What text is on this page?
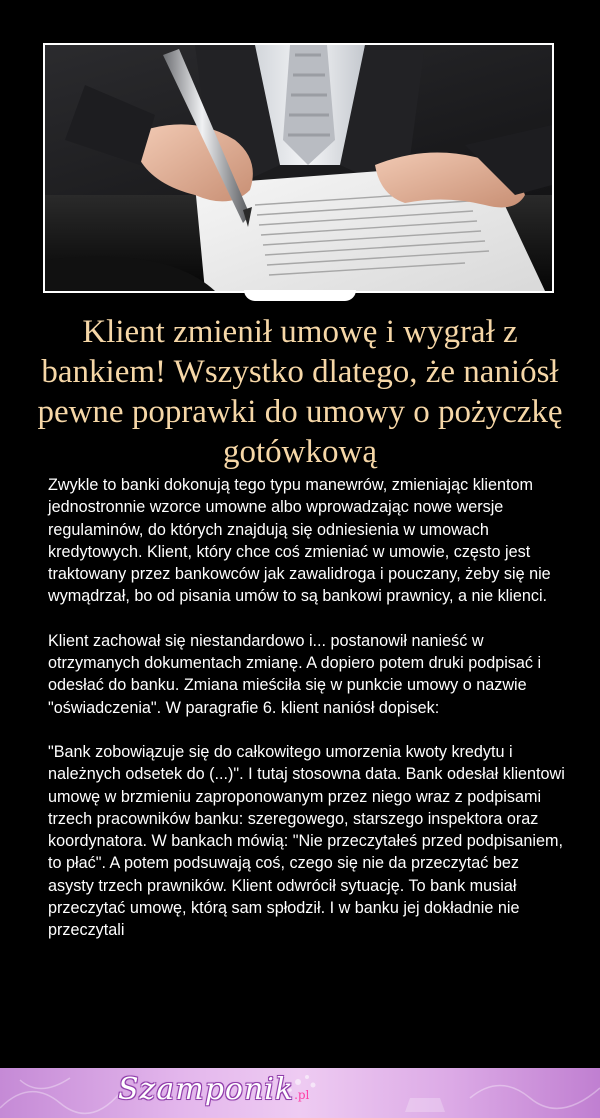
Klient zmienił umowę i wygrał z bankiem! Wszystko dlatego, że naniósł pewne poprawki do umowy o pożyczkę gotówkową

Zwykle to banki dokonują tego typu manewrów, zmieniając klientom jednostronnie wzorce umowne albo wprowadzając nowe wersje regulaminów, do których znajdują się odniesienia w umowach kredytowych. Klient, który chce coś zmieniać w umowie, często jest traktowany przez bankowców jak zawalidroga i pouczany, żeby się nie wymądrzał, bo od pisania umów to są bankowi prawnicy, a nie klienci.

Klient zachował się niestandardowo i... postanowił nanieść w otrzymanych dokumentach zmianę. A dopiero potem druki podpisać i odesłać do banku. Zmiana mieściła się w punkcie umowy o nazwie "oświadczenia". W paragrafie 6. klient naniósł dopisek:

"Bank zobowiązuje się do całkowitego umorzenia kwoty kredytu i należnych odsetek do (...)". I tutaj stosowna data. Bank odesłał klientowi umowę w brzmieniu zaproponowanym przez niego wraz z podpisami trzech pracowników banku: szeregowego, starszego inspektora oraz koordynatora. W bankach mówią: "Nie przeczytałeś przed podpisaniem, to płać". A potem podsuwają coś, czego się nie da przeczytać bez asysty trzech prawników. Klient odwrócił sytuację. To bank musiał przeczytać umowę, którą sam spłodził. I w banku jej dokładnie nie przeczytali

Szamponik.pl
